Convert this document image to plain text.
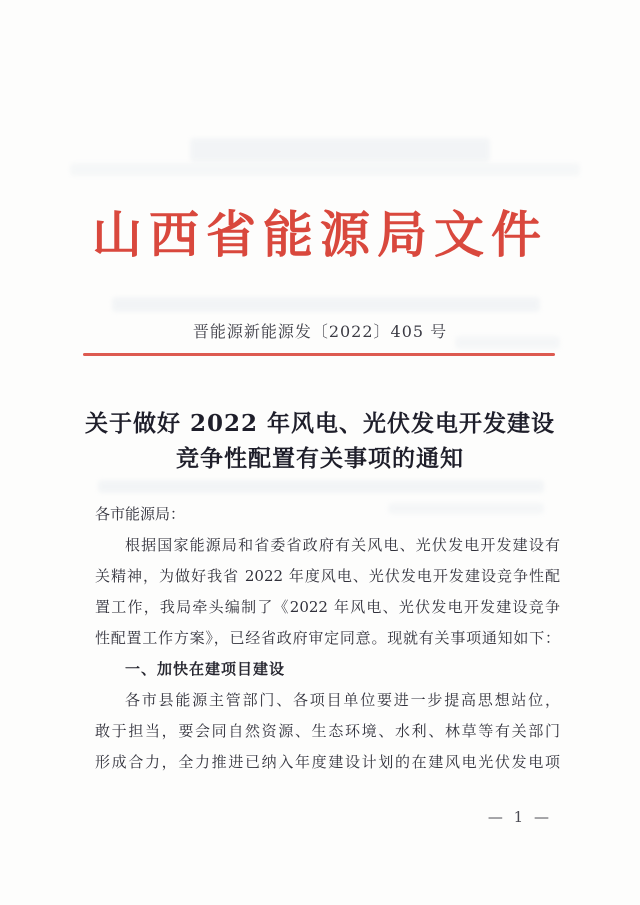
山西省能源局文件
晋能源新能源发〔2022〕405 号
关于做好 2022 年风电、光伏发电开发建设
竞争性配置有关事项的通知
各市能源局：
根据国家能源局和省委省政府有关风电、光伏发电开发建设有
关精神，为做好我省 2022 年度风电、光伏发电开发建设竞争性配
置工作，我局牵头编制了《2022 年风电、光伏发电开发建设竞争
性配置工作方案》，已经省政府审定同意。现就有关事项通知如下：
一、加快在建项目建设
各市县能源主管部门、各项目单位要进一步提高思想站位，
敢于担当，要会同自然资源、生态环境、水利、林草等有关部门
形成合力，全力推进已纳入年度建设计划的在建风电光伏发电项
— 1 —
